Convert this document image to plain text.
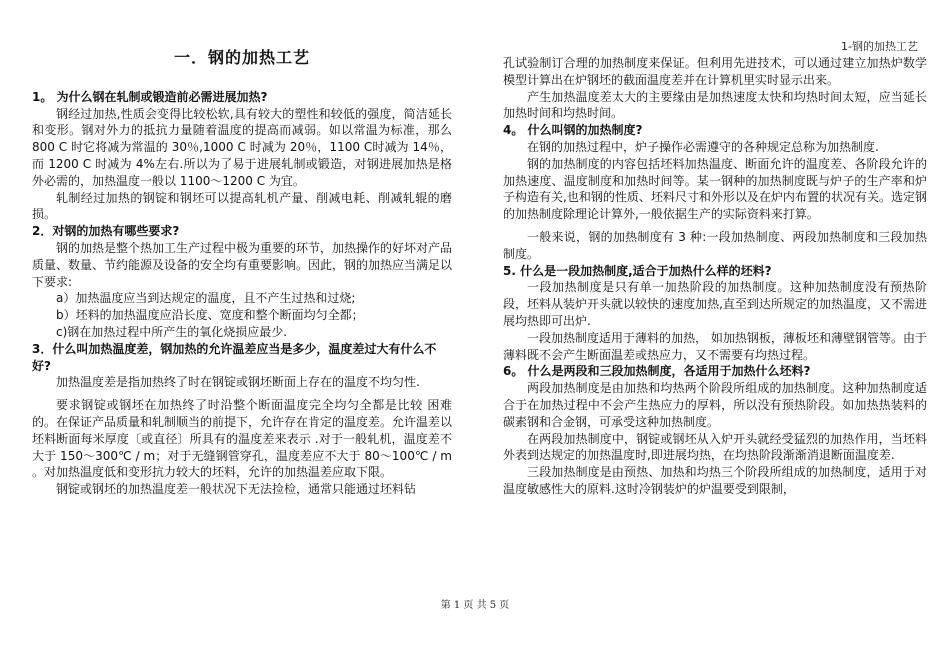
1-钢的加热工艺

一．钢的加热工艺

1。 为什么钢在轧制或锻造前必需进展加热?

钢经过加热,性质会变得比较松软,具有较大的塑性和较低的强度，简洁延长和变形。钢对外力的抵抗力量随着温度的提高而减弱。如以常温为标准，那么 800 C 时它将减为常温的 30％,1000 C 时减为 20％，1100 C时减为 14％，而 1200 C 时减为 4%左右.所以为了易于进展轧制或锻造，对钢进展加热是格外必需的，加热温度一般以 1100～1200 C 为宜。

轧制经过加热的钢锭和钢坯可以提高轧机产量、削减电耗、削减轧辊的磨损。

2．对钢的加热有哪些要求?

钢的加热是整个热加工生产过程中极为重要的环节，加热操作的好坏对产品质量、数量、节约能源及设备的安全均有重要影响。因此，钢的加热应当满足以下要求:

a）加热温度应当到达规定的温度，且不产生过热和过烧;

b）坯料的加热温度应沿长度、宽度和整个断面均匀全都；

c)钢在加热过程中所产生的氧化烧损应最少.

3．什么叫加热温度差，钢加热的允许温差应当是多少，温度差过大有什么不好?

加热温度差是指加热终了时在钢锭或钢坯断面上存在的温度不均匀性.

要求钢锭或钢坯在加热终了时沿整个断面温度完全均匀全都是比较 困难的。在保证产品质量和轧制顺当的前提下，允许存在肯定的温度差。允许温差以坯料断面每米厚度〔或直径〕所具有的温度差来表示 .对于一般轧机，温度差不大于 150～300℃ / m；对于无缝钢管穿孔，温度差应不大于 80～100℃ / m 。对加热温度低和变形抗力较大的坯料，允许的加热温差应取下限。

钢锭或钢坯的加热温度差一般状况下无法捡检，通常只能通过坯料钻

孔试验制订合理的加热制度来保证。但利用先进技术，可以通过建立加热炉数学模型计算出在炉钢坯的截面温度差并在计算机里实时显示出来。

产生加热温度差太大的主要缘由是加热速度太快和均热时间太短，应当延长加热时间和均热时间。

4。 什么叫钢的加热制度?

在钢的加热过程中，炉子操作必需遵守的各种规定总称为加热制度.

钢的加热制度的内容包括坯料加热温度、断面允许的温度差、各阶段允许的加热速度、温度制度和加热时间等。某一钢种的加热制度既与炉子的生产率和炉子构造有关,也和钢的性质、坯料尺寸和外形以及在炉内布置的状况有关。选定钢的加热制度除理论计算外,一般依据生产的实际资料来打算。

一般来说，钢的加热制度有 3 种:一段加热制度、两段加热制度和三段加热制度。

5. 什么是一段加热制度,适合于加热什么样的坯料?

一段加热制度是只有单一加热阶段的加热制度。这种加热制度没有预热阶段，坯料从装炉开头就以较快的速度加热,直至到达所规定的加热温度，又不需进展均热即可出炉.

一段加热制度适用于薄料的加热， 如加热钢板，薄板坯和薄壁钢管等。由于薄料既不会产生断面温差或热应力，又不需要有均热过程。

6。 什么是两段和三段加热制度，各适用于加热什么坯料?

两段加热制度是由加热和均热两个阶段所组成的加热制度。这种加热制度适合于在加热过程中不会产生热应力的厚料，所以没有预热阶段。如加热热装料的碳素钢和合金钢，可承受这种加热制度。

在两段加热制度中，钢锭或钢坯从入炉开头就经受猛烈的加热作用，当坯料外表到达规定的加热温度时,即进展均热，在均热阶段渐渐消退断面温度差.

三段加热制度是由预热、加热和均热三个阶段所组成的加热制度，适用于对温度敏感性大的原料.这时冷钢装炉的炉温要受到限制，

第 1 页 共 5 页
